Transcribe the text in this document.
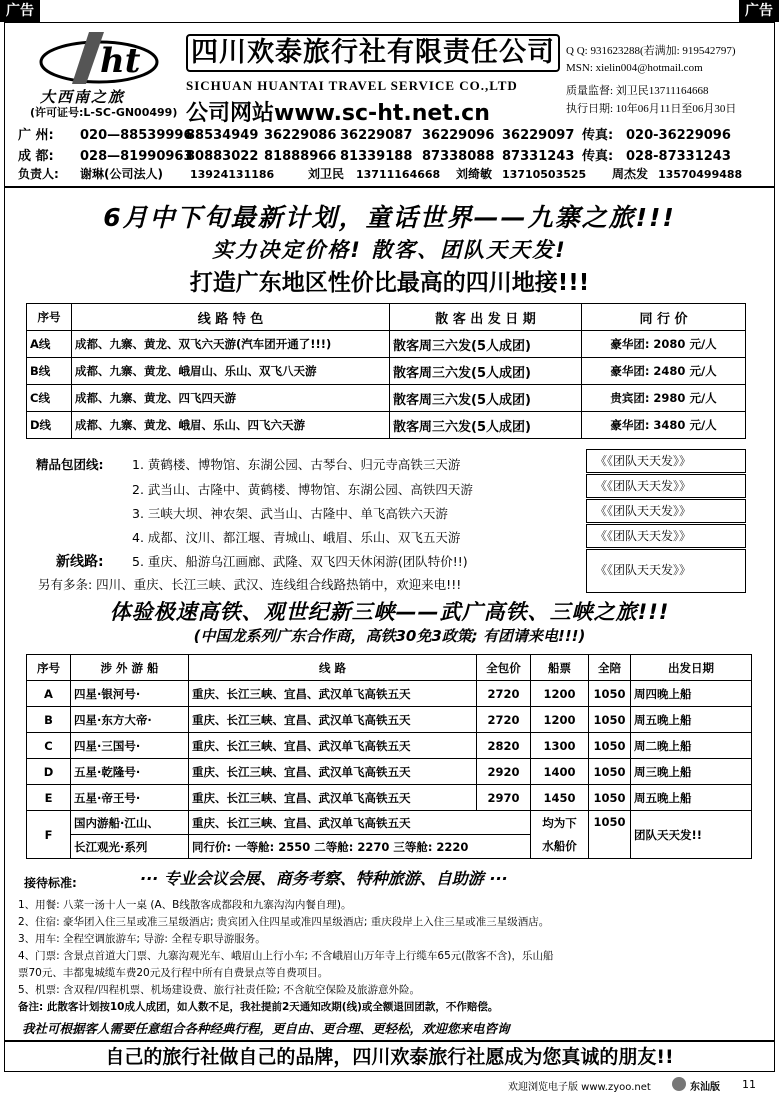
广告	广告
ht
大西南之旅
(许可证号:L-SC-GN00499)
四川欢泰旅行社有限责任公司
SICHUAN HUANTAI TRAVEL SERVICE CO.,LTD
公司网站www.sc-ht.net.cn
Q Q: 931623288(若满加: 919542797)
MSN: xielin004@hotmail.com
质量监督: 刘卫民13711164668
执行日期: 10年06月11日至06月30日
广 州: 020—8853999688534949 36229086 36229087 36229096 36229097 传真: 020-36229096
成 都: 028—8199096380883022 81888966 81339188 87338088 87331243 传真: 028-87331243
负责人: 谢琳(公司法人) 13924131186	刘卫民 13711164668 刘绮敏 13710503525 周杰发 13570499488
6月中下旬最新计划，童话世界——九寨之旅!!!
实力决定价格! 散客、团队天天发!
打造广东地区性价比最高的四川地接!!!
序号	线 路 特 色	散 客 出 发 日 期	同 行 价
A线	成都、九寨、黄龙、双飞六天游(汽车团开通了!!!)	散客周三六发(5人成团)	豪华团: 2080 元/人
B线	成都、九寨、黄龙、峨眉山、乐山、双飞八天游	散客周三六发(5人成团)	豪华团: 2480 元/人
C线	成都、九寨、黄龙、四飞四天游	散客周三六发(5人成团)	贵宾团: 2980 元/人
D线	成都、九寨、黄龙、峨眉、乐山、四飞六天游	散客周三六发(5人成团)	豪华团: 3480 元/人
精品包团线: 1. 黄鹤楼、博物馆、东湖公园、古琴台、归元寺高铁三天游
2. 武当山、古隆中、黄鹤楼、博物馆、东湖公园、高铁四天游
3. 三峡大坝、神农架、武当山、古隆中、单飞高铁六天游
4. 成都、汶川、都江堰、青城山、峨眉、乐山、双飞五天游
新线路: 5. 重庆、船游乌江画廊、武隆、双飞四天休闲游(团队特价!!)
另有多条: 四川、重庆、长江三峡、武汉、连线组合线路热销中，欢迎来电!!!
《《团队天天发》》
《《团队天天发》》
《《团队天天发》》
《《团队天天发》》
《《团队天天发》》
体验极速高铁、观世纪新三峡——武广高铁、三峡之旅!!!
(中国龙系列广东合作商，高铁30免3政策; 有团请来电!!!)
序号	涉 外 游 船	线 路	全包价	船票	全陪	出发日期
A	四星·银河号·	重庆、长江三峡、宜昌、武汉单飞高铁五天	2720	1200	1050	周四晚上船
B	四星·东方大帝·	重庆、长江三峡、宜昌、武汉单飞高铁五天	2720	1200	1050	周五晚上船
C	四星·三国号·	重庆、长江三峡、宜昌、武汉单飞高铁五天	2820	1300	1050	周二晚上船
D	五星·乾隆号·	重庆、长江三峡、宜昌、武汉单飞高铁五天	2920	1400	1050	周三晚上船
E	五星·帝王号·	重庆、长江三峡、宜昌、武汉单飞高铁五天	2970	1450	1050	周五晚上船
F	国内游船·江山、	重庆、长江三峡、宜昌、武汉单飞高铁五天		均为下	1050	团队天天发!!
	长江观光·系列	同行价: 一等舱: 2550 二等舱: 2270 三等舱: 2220		水船价		
接待标准:	··· 专业会议会展、商务考察、特种旅游、自助游 ···
1、用餐: 八菜一汤十人一桌 (A、B线散客成都段和九寨沟沟内餐自理)。
2、住宿: 豪华团入住三星或准三星级酒店; 贵宾团入住四星或准四星级酒店; 重庆段岸上入住三星或准三星级酒店。
3、用车: 全程空调旅游车; 导游: 全程专职导游服务。
4、门票: 含景点首道大门票、九寨沟观光车、峨眉山上行小车; 不含峨眉山万年寺上行缆车65元(散客不含)，乐山船
票70元、丰都鬼城缆车费20元及行程中所有自费景点等自费项目。
5、机票: 含双程/四程机票、机场建设费、旅行社责任险; 不含航空保险及旅游意外险。
备注: 此散客计划按10成人成团，如人数不足，我社提前2天通知改期(线)或全额退回团款，不作赔偿。
我社可根据客人需要任意组合各种经典行程，更自由、更合理、更轻松，欢迎您来电咨询
自己的旅行社做自己的品牌，四川欢泰旅行社愿成为您真诚的朋友!!
欢迎浏览电子版 www.zyoo.net	东汕版 11
